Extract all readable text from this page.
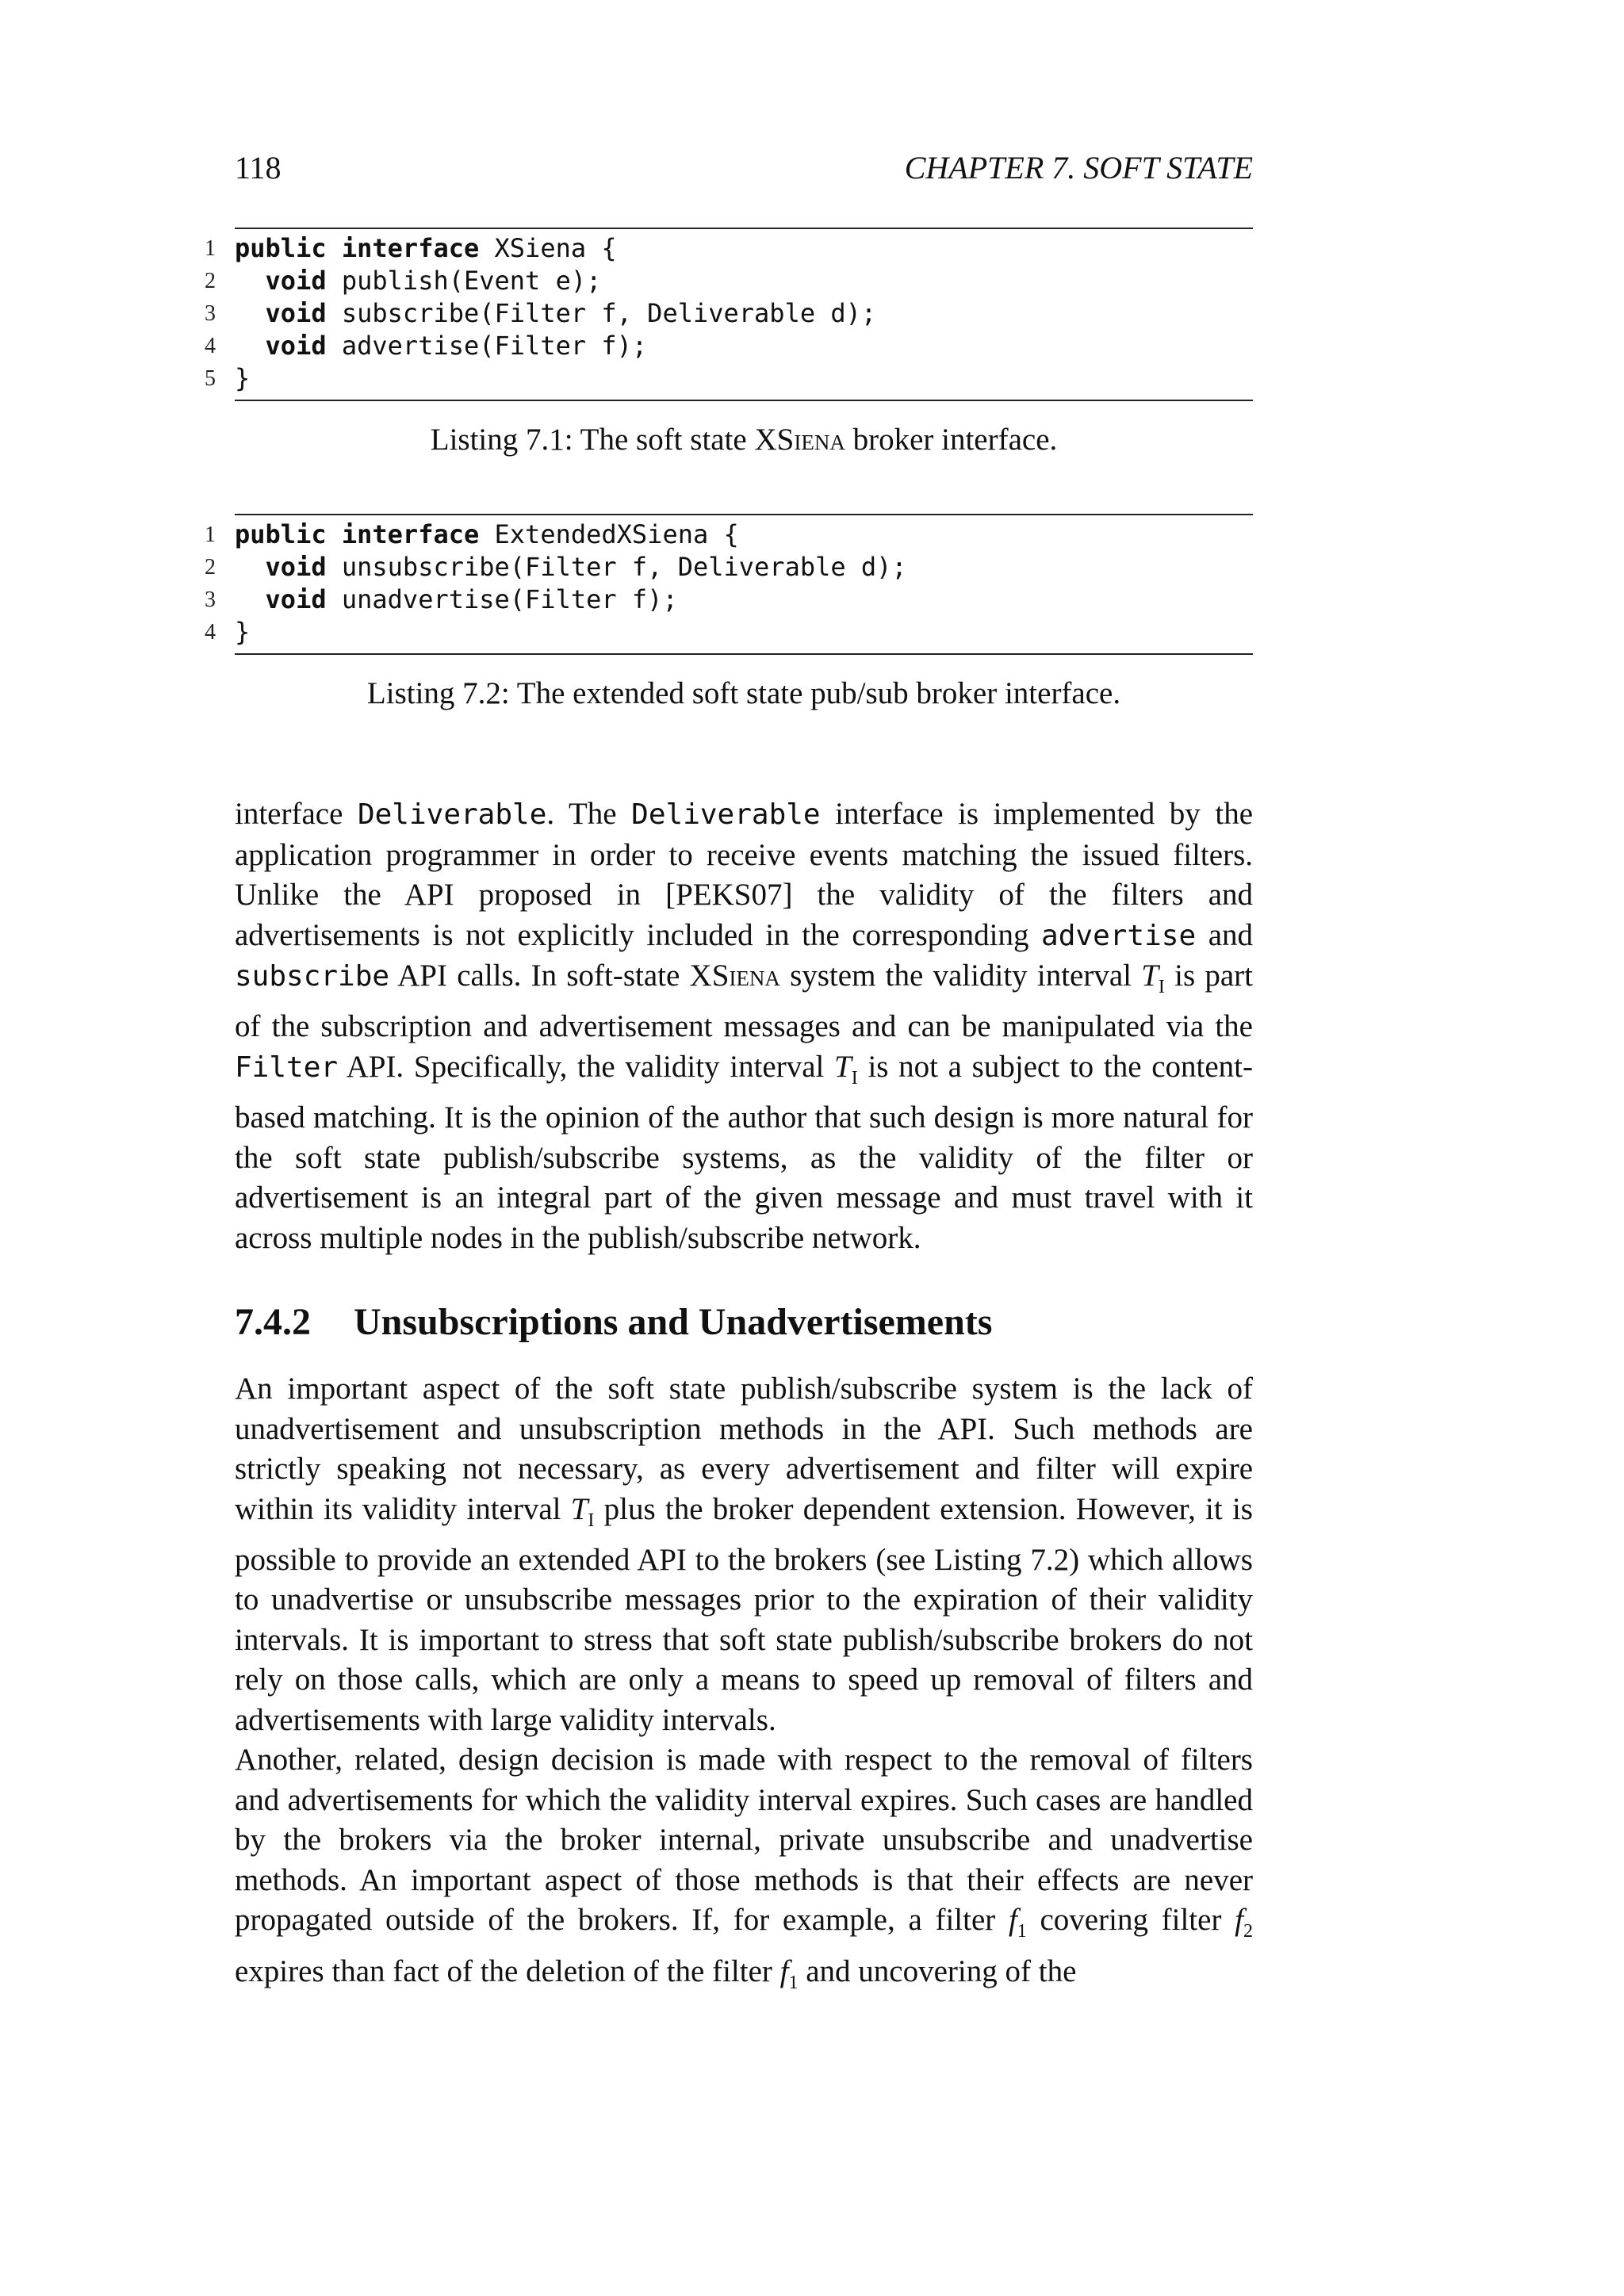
118	CHAPTER 7. SOFT STATE
1 public interface XSiena {
2 void publish(Event e);
3 void subscribe(Filter f, Deliverable d);
4 void advertise(Filter f);
5 }
Listing 7.1: The soft state XSiena broker interface.
1 public interface ExtendedXSiena {
2 void unsubscribe(Filter f, Deliverable d);
3 void unadvertise(Filter f);
4 }
Listing 7.2: The extended soft state pub/sub broker interface.

interface Deliverable. The Deliverable interface is implemented by the application programmer in order to receive events matching the issued filters. Unlike the API proposed in [PEKS07] the validity of the filters and advertisements is not explicitly included in the corresponding advertise and subscribe API calls. In soft-state XSiena system the validity interval $T_I$ is part of the subscription and advertisement messages and can be manipulated via the Filter API. Specifically, the validity interval $T_I$ is not a subject to the content-based matching. It is the opinion of the author that such design is more natural for the soft state publish/subscribe systems, as the validity of the filter or advertisement is an integral part of the given message and must travel with it across multiple nodes in the publish/subscribe network.

7.4.2 Unsubscriptions and Unadvertisements

An important aspect of the soft state publish/subscribe system is the lack of unadvertisement and unsubscription methods in the API. Such methods are strictly speaking not necessary, as every advertisement and filter will expire within its validity interval $T_I$ plus the broker dependent extension. However, it is possible to provide an extended API to the brokers (see Listing 7.2) which allows to unadvertise or unsubscribe messages prior to the expiration of their validity intervals. It is important to stress that soft state publish/subscribe brokers do not rely on those calls, which are only a means to speed up removal of filters and advertisements with large validity intervals.

Another, related, design decision is made with respect to the removal of filters and advertisements for which the validity interval expires. Such cases are handled by the brokers via the broker internal, private unsubscribe and unadvertise methods. An important aspect of those methods is that their effects are never propagated outside of the brokers. If, for example, a filter $f_1$ covering filter $f_2$ expires than fact of the deletion of the filter $f_1$ and uncovering of the
